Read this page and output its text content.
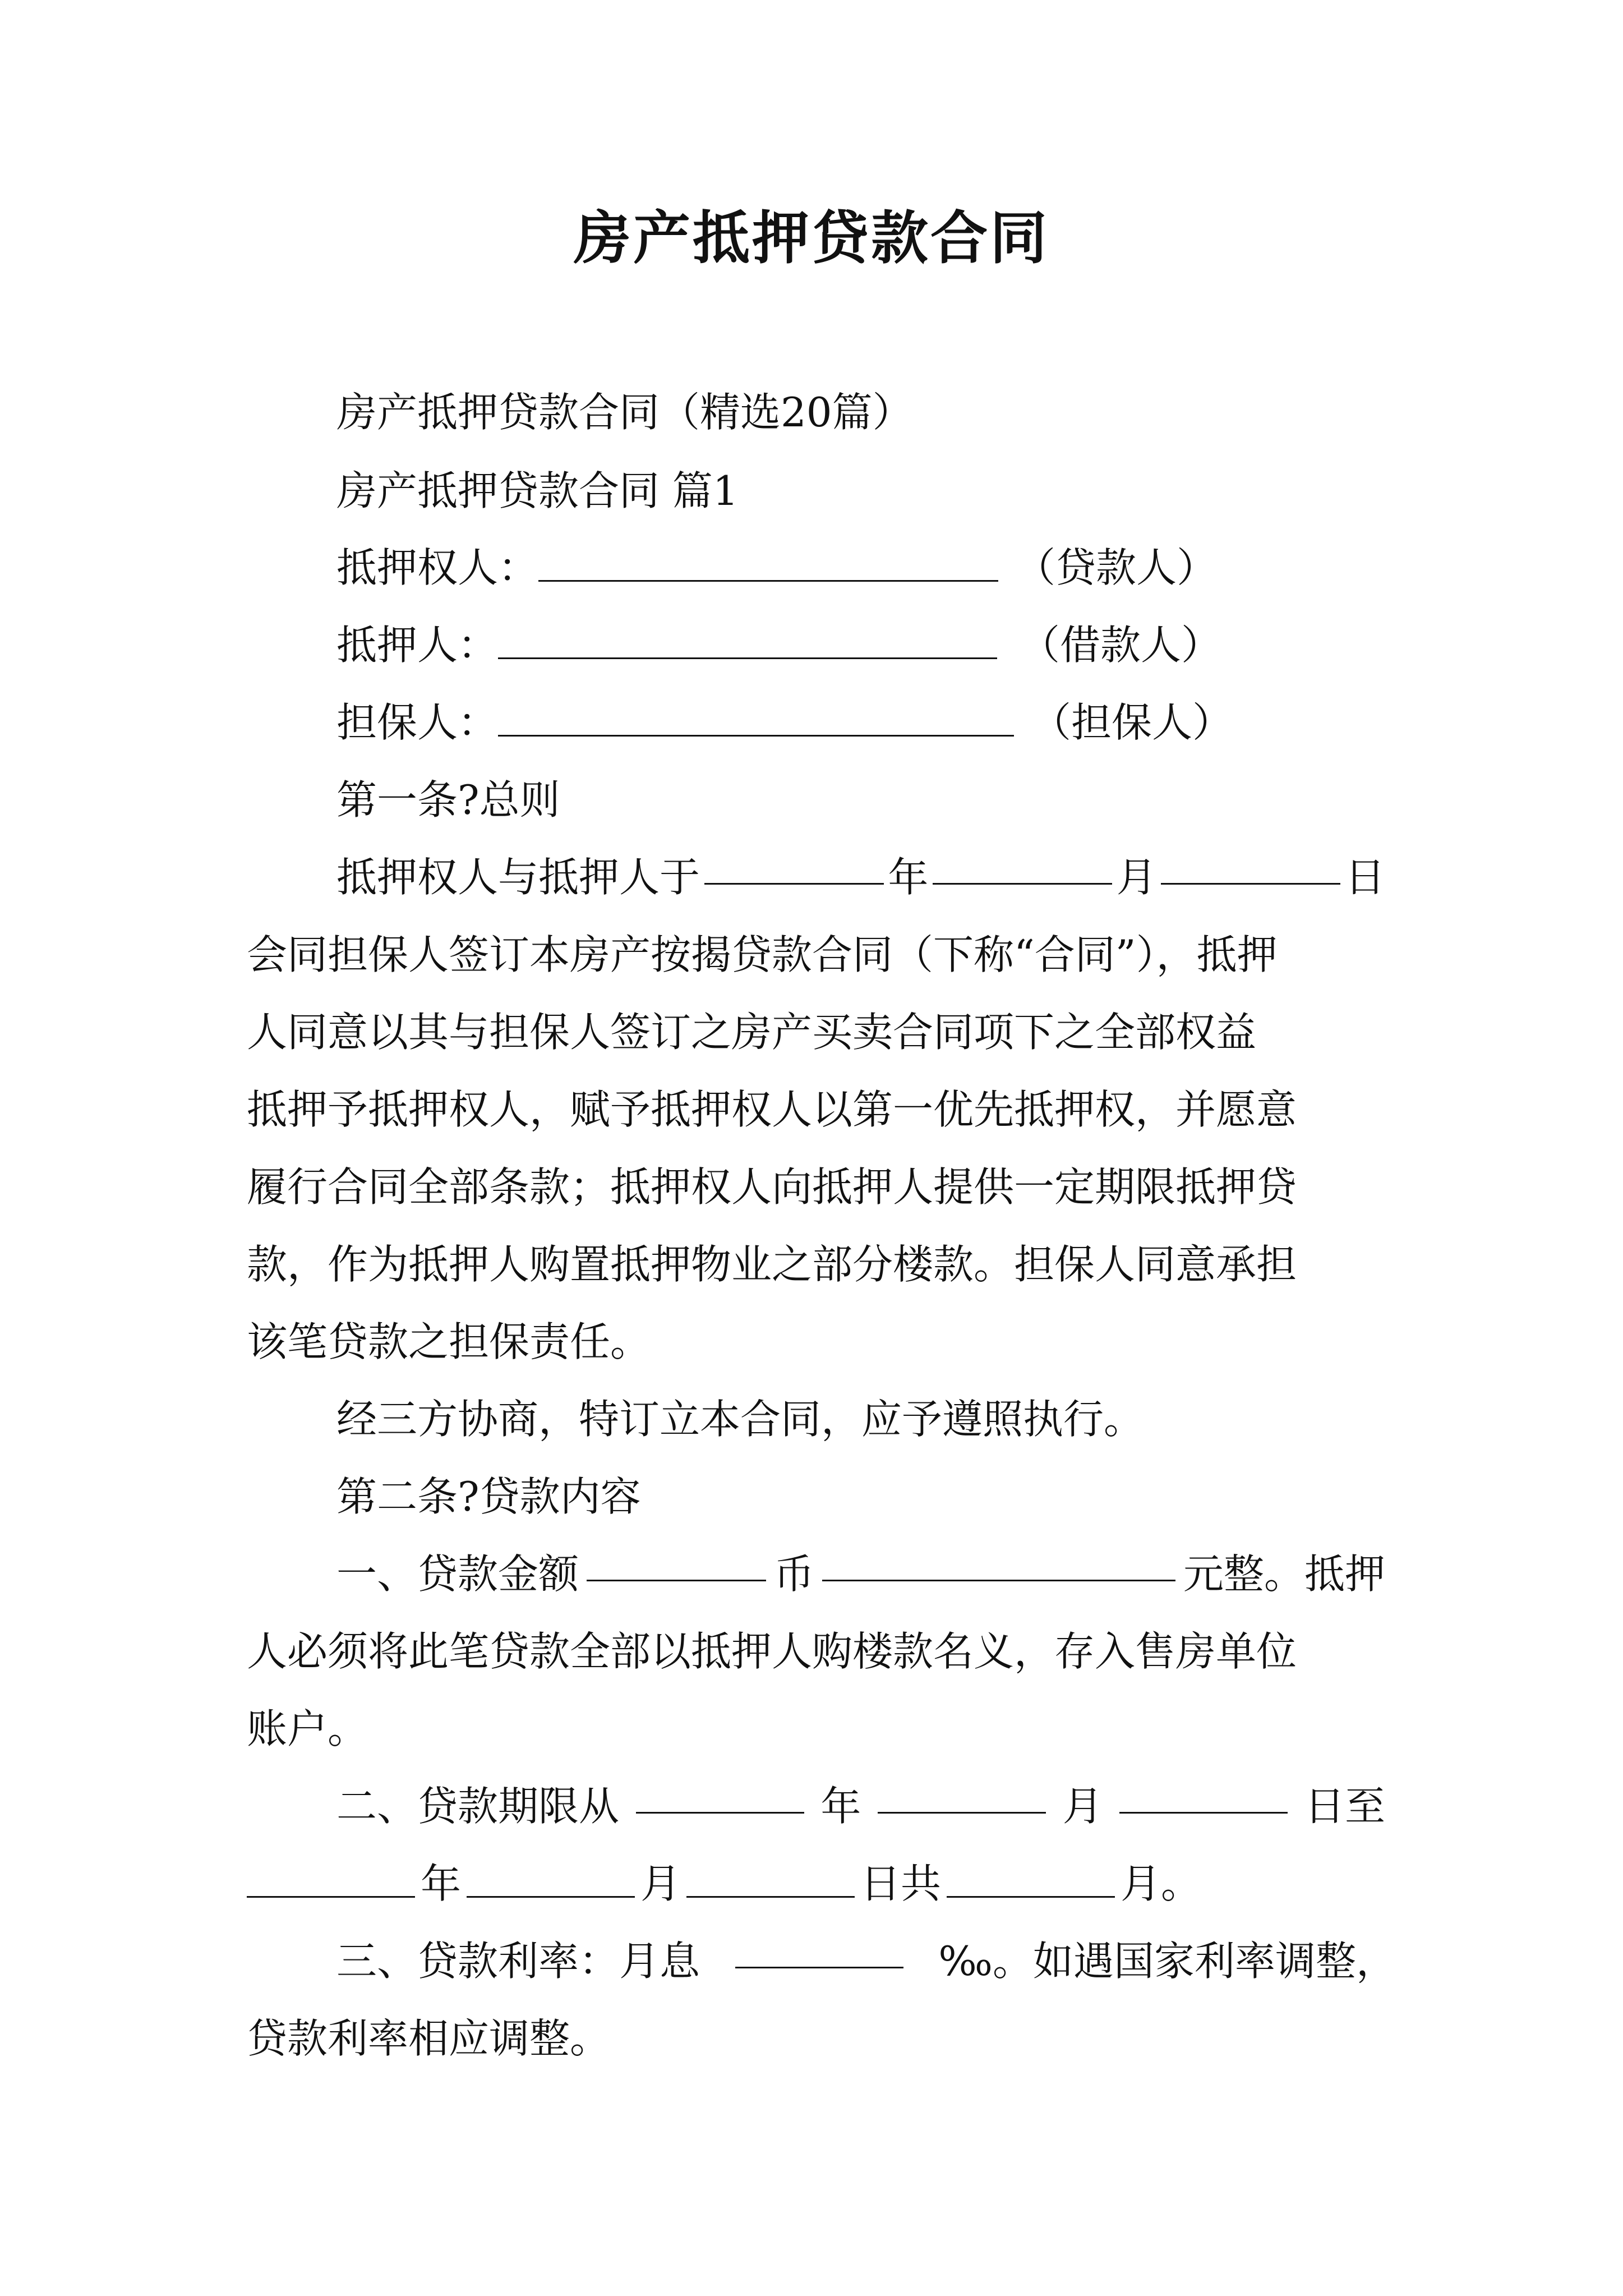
房产抵押贷款合同
房产抵押贷款合同（精选20篇）
房产抵押贷款合同 篇1
抵押权人：	（贷款人）
抵押人：	（借款人）
担保人：	（担保人）
第一条?总则
抵押权人与抵押人于	年	月	日
会同担保人签订本房产按揭贷款合同（下称“合同”），抵押
人同意以其与担保人签订之房产买卖合同项下之全部权益
抵押予抵押权人，赋予抵押权人以第一优先抵押权，并愿意
履行合同全部条款；抵押权人向抵押人提供一定期限抵押贷
款，作为抵押人购置抵押物业之部分楼款。担保人同意承担
该笔贷款之担保责任。
经三方协商，特订立本合同，应予遵照执行。
第二条?贷款内容
一、贷款金额	币	元整。抵押
人必须将此笔贷款全部以抵押人购楼款名义，存入售房单位
账户。
二、贷款期限从	年	月	日至
年	月	日共	月。
三、贷款利率：月息	‰。如遇国家利率调整，
贷款利率相应调整。
